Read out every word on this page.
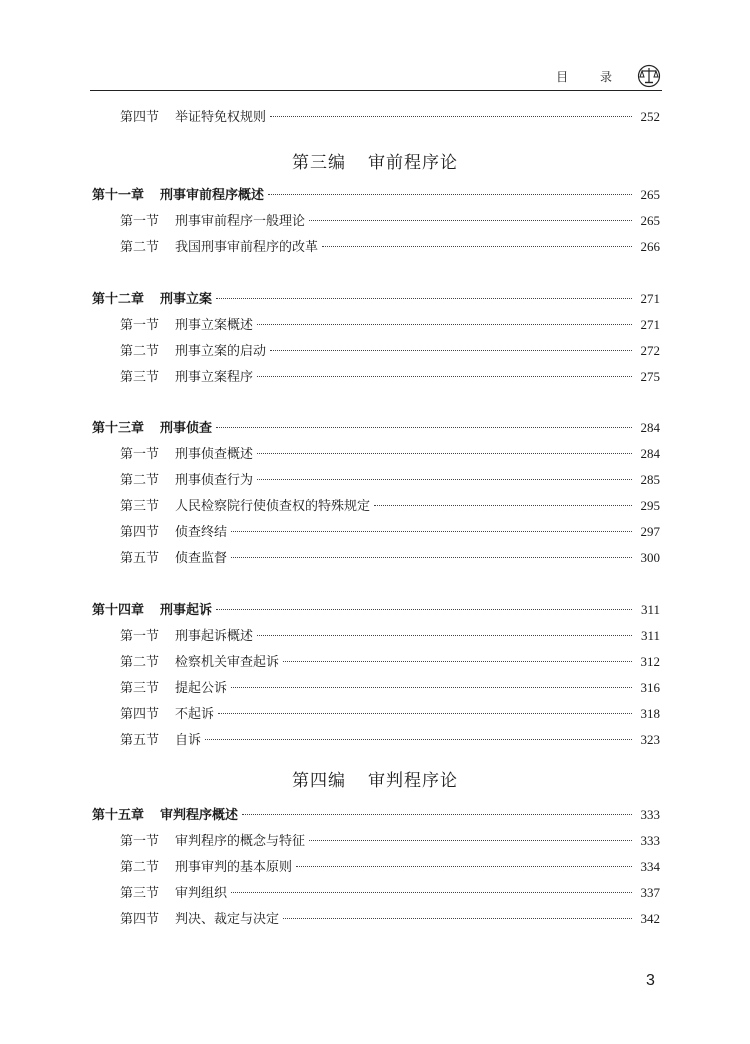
目 录
第四节 举证特免权规则	252
第三编 审前程序论
第十一章 刑事审前程序概述	265
第一节 刑事审前程序一般理论	265
第二节 我国刑事审前程序的改革	266
第十二章 刑事立案	271
第一节 刑事立案概述	271
第二节 刑事立案的启动	272
第三节 刑事立案程序	275
第十三章 刑事侦查	284
第一节 刑事侦查概述	284
第二节 刑事侦查行为	285
第三节 人民检察院行使侦查权的特殊规定	295
第四节 侦查终结	297
第五节 侦查监督	300
第十四章 刑事起诉	311
第一节 刑事起诉概述	311
第二节 检察机关审查起诉	312
第三节 提起公诉	316
第四节 不起诉	318
第五节 自诉	323
第四编 审判程序论
第十五章 审判程序概述	333
第一节 审判程序的概念与特征	333
第二节 刑事审判的基本原则	334
第三节 审判组织	337
第四节 判决、裁定与决定	342
3
